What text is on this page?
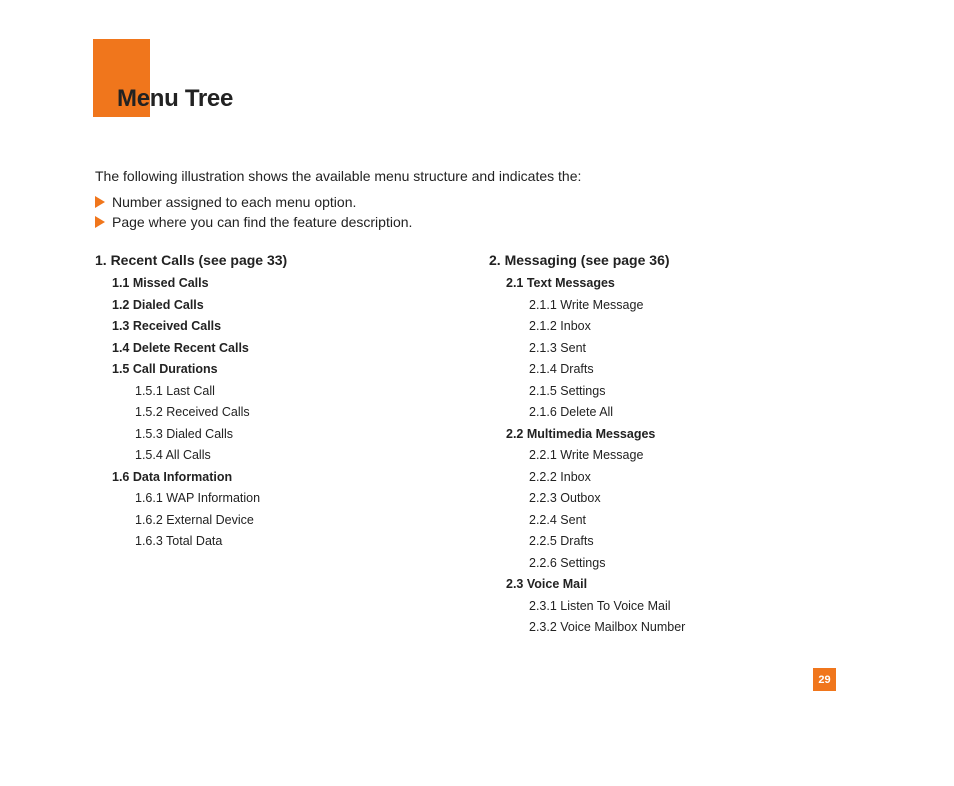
Menu Tree

The following illustration shows the available menu structure and indicates the:

Number assigned to each menu option.
Page where you can find the feature description.
1. Recent Calls (see page 33)
1.1 Missed Calls
1.2 Dialed Calls
1.3 Received Calls
1.4 Delete Recent Calls
1.5 Call Durations
1.5.1 Last Call
1.5.2 Received Calls
1.5.3 Dialed Calls
1.5.4 All Calls
1.6 Data Information
1.6.1 WAP Information
1.6.2 External Device
1.6.3 Total Data
2. Messaging (see page 36)
2.1 Text Messages
2.1.1 Write Message
2.1.2 Inbox
2.1.3 Sent
2.1.4 Drafts
2.1.5 Settings
2.1.6 Delete All
2.2 Multimedia Messages
2.2.1 Write Message
2.2.2 Inbox
2.2.3 Outbox
2.2.4 Sent
2.2.5 Drafts
2.2.6 Settings
2.3 Voice Mail
2.3.1 Listen To Voice Mail
2.3.2 Voice Mailbox Number
29
